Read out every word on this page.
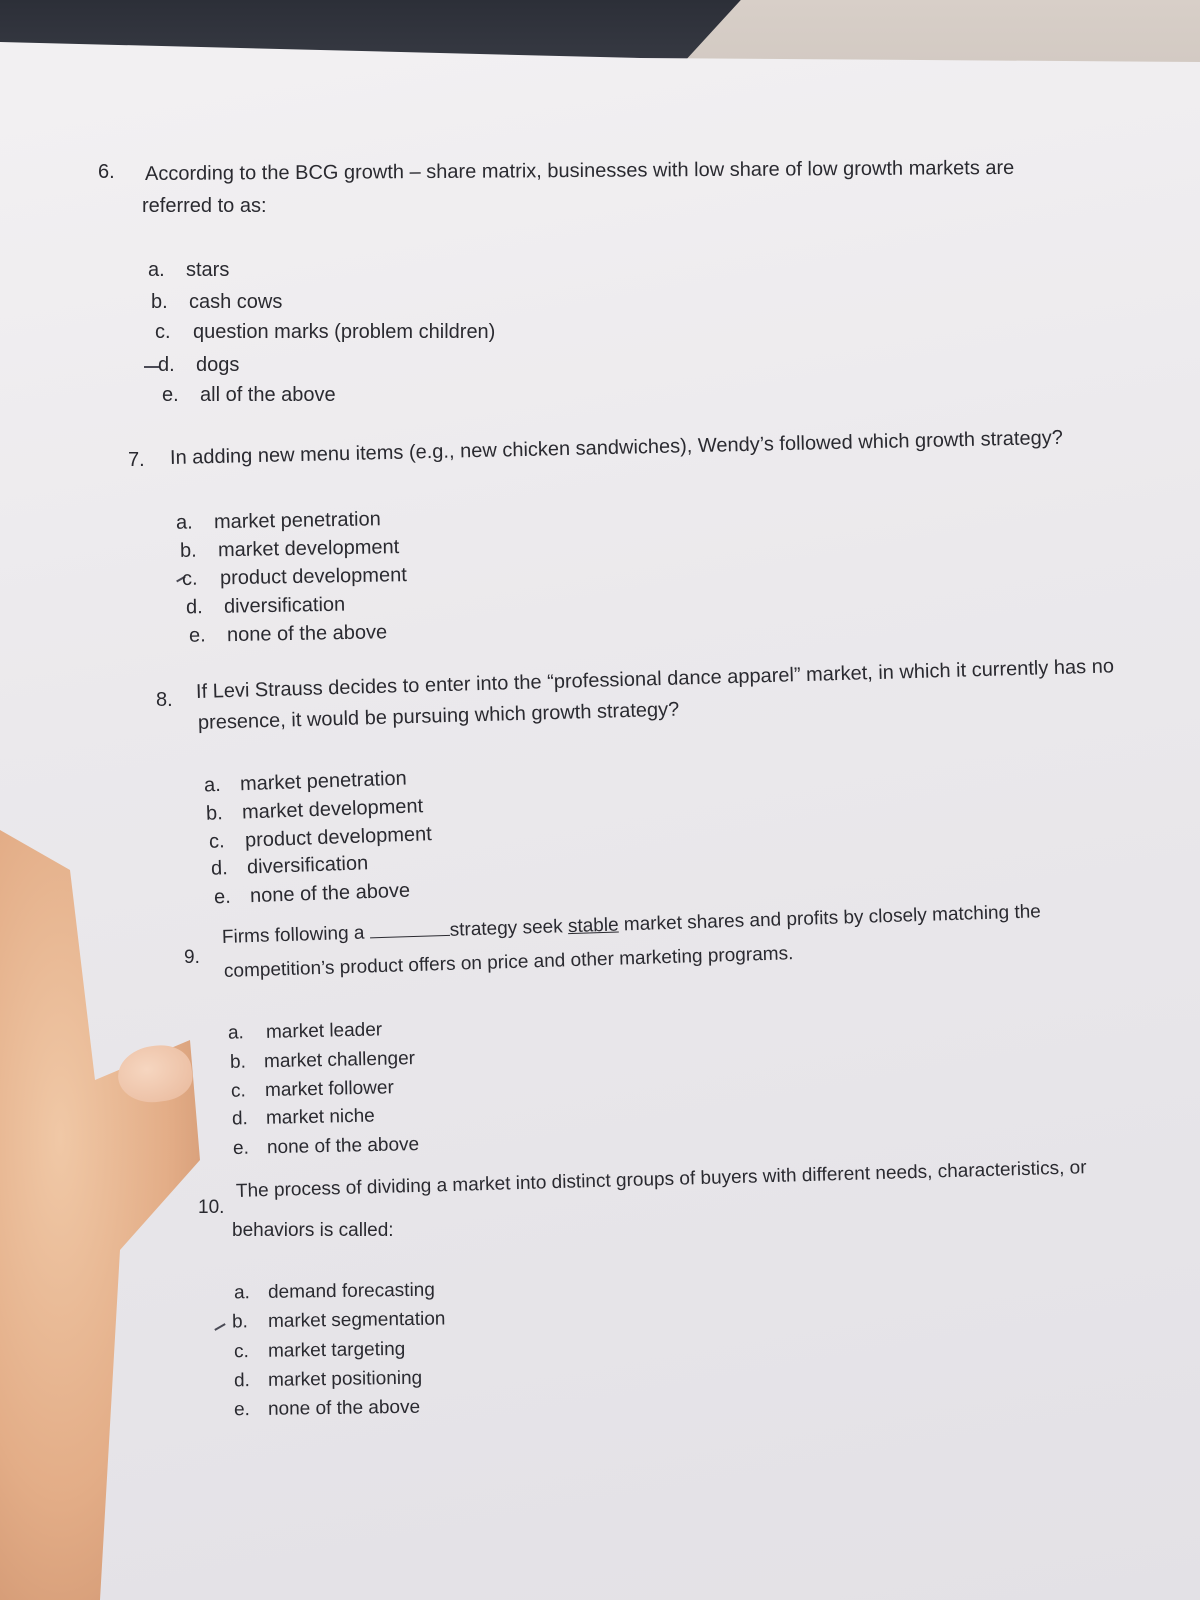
6. According to the BCG growth – share matrix, businesses with low share of low growth markets are
referred to as:
a.	stars
b.	cash cows
c.	question marks (problem children)
d.	dogs
e.	all of the above
7. In adding new menu items (e.g., new chicken sandwiches), Wendy’s followed which growth strategy?
a.	market penetration
b.	market development
c.	product development
d.	diversification
e.	none of the above
8. If Levi Strauss decides to enter into the “professional dance apparel” market, in which it currently has no
presence, it would be pursuing which growth strategy?
a. market penetration
b. market development
c. product development
d. diversification
e. none of the above
9.
Firms following a	strategy seek stable market shares and profits by closely matching the
competition’s product offers on price and other marketing programs.
a.	market leader
b. market challenger
c. market follower
d. market niche
e. none of the above
10.
The process of dividing a market into distinct groups of buyers with different needs, characteristics, or
behaviors is called:
a. demand forecasting
b.	market segmentation
c. market targeting
d. market positioning
e. none of the above
